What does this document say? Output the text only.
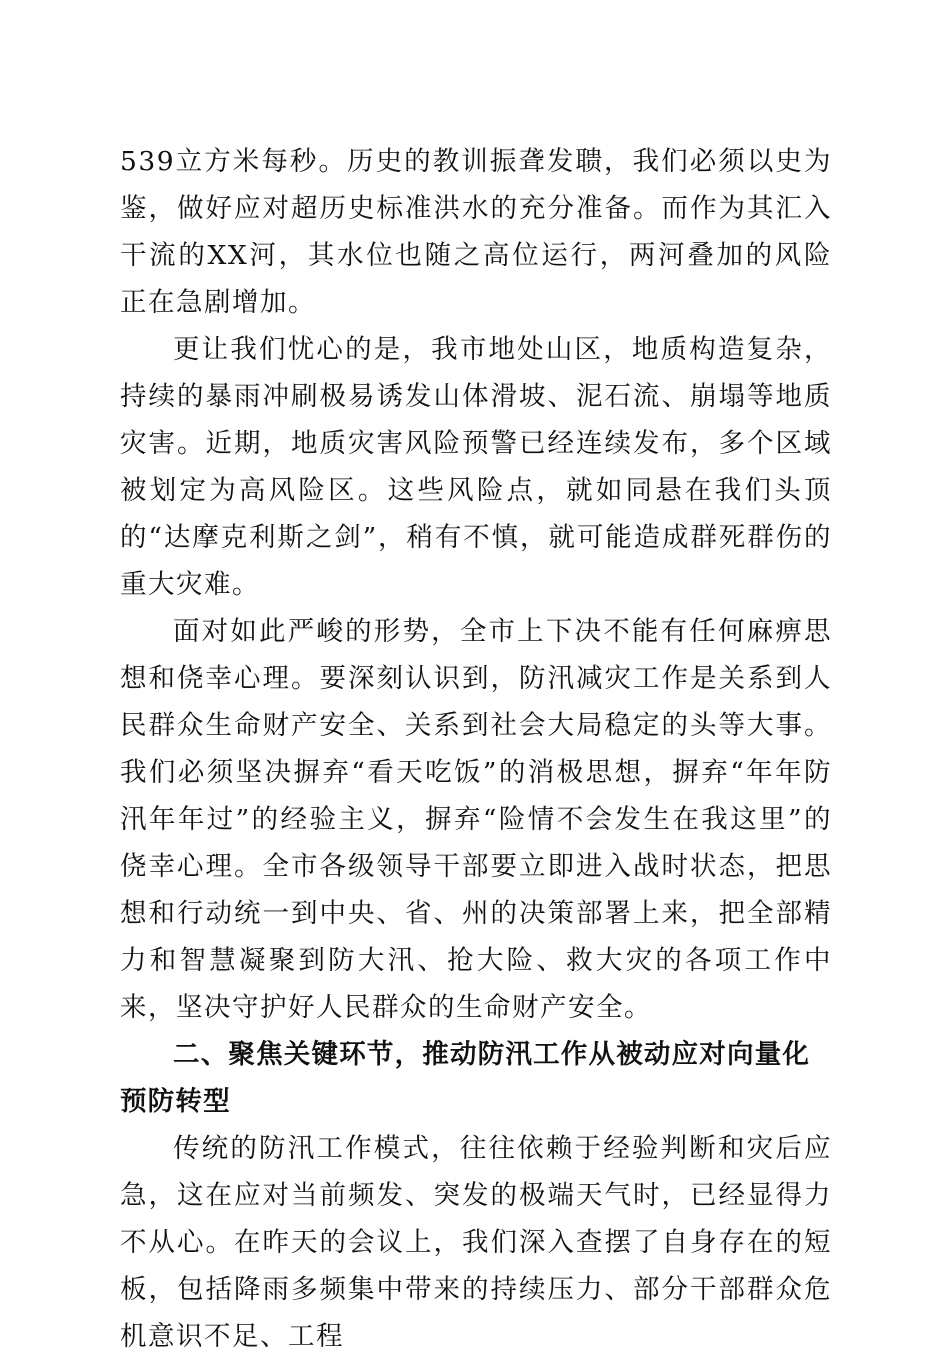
539立方米每秒。历史的教训振聋发聩，我们必须以史为鉴，做好应对超历史标准洪水的充分准备。而作为其汇入干流的XX河，其水位也随之高位运行，两河叠加的风险正在急剧增加。

更让我们忧心的是，我市地处山区，地质构造复杂，持续的暴雨冲刷极易诱发山体滑坡、泥石流、崩塌等地质灾害。近期，地质灾害风险预警已经连续发布，多个区域被划定为高风险区。这些风险点，就如同悬在我们头顶的“达摩克利斯之剑”，稍有不慎，就可能造成群死群伤的重大灾难。

面对如此严峻的形势，全市上下决不能有任何麻痹思想和侥幸心理。要深刻认识到，防汛减灾工作是关系到人民群众生命财产安全、关系到社会大局稳定的头等大事。我们必须坚决摒弃“看天吃饭”的消极思想，摒弃“年年防汛年年过”的经验主义，摒弃“险情不会发生在我这里”的侥幸心理。全市各级领导干部要立即进入战时状态，把思想和行动统一到中央、省、州的决策部署上来，把全部精力和智慧凝聚到防大汛、抢大险、救大灾的各项工作中来，坚决守护好人民群众的生命财产安全。

二、聚焦关键环节，推动防汛工作从被动应对向量化预防转型

传统的防汛工作模式，往往依赖于经验判断和灾后应急，这在应对当前频发、突发的极端天气时，已经显得力不从心。在昨天的会议上，我们深入查摆了自身存在的短板，包括降雨多频集中带来的持续压力、部分干部群众危机意识不足、工程
